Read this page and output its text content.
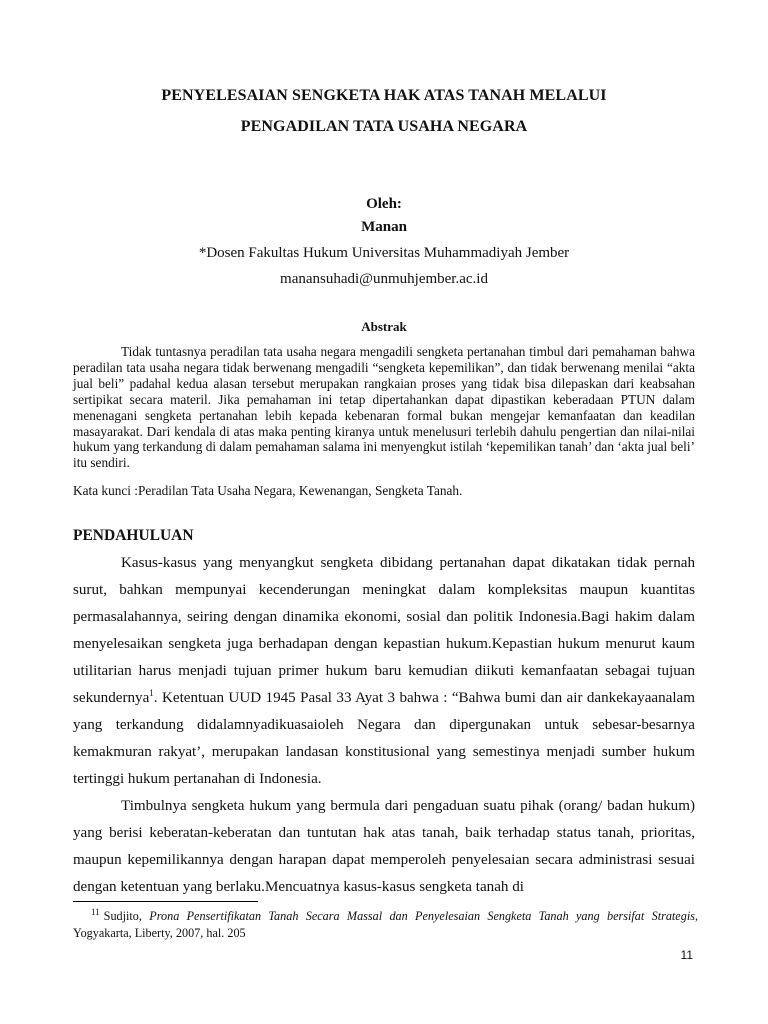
PENYELESAIAN SENGKETA HAK ATAS TANAH MELALUI
PENGADILAN TATA USAHA NEGARA
Oleh:
Manan
*Dosen Fakultas Hukum Universitas Muhammadiyah Jember
manansuhadi@unmuhjember.ac.id
Abstrak

Tidak tuntasnya peradilan tata usaha negara mengadili sengketa pertanahan timbul dari pemahaman bahwa peradilan tata usaha negara tidak berwenang mengadili “sengketa kepemilikan”, dan tidak berwenang menilai “akta jual beli” padahal kedua alasan tersebut merupakan rangkaian proses yang tidak bisa dilepaskan dari keabsahan sertipikat secara materil. Jika pemahaman ini tetap dipertahankan dapat dipastikan keberadaan PTUN dalam menenagani sengketa pertanahan lebih kepada kebenaran formal bukan mengejar kemanfaatan dan keadilan masayarakat. Dari kendala di atas maka penting kiranya untuk menelusuri terlebih dahulu pengertian dan nilai-nilai hukum yang terkandung di dalam pemahaman salama ini menyengkut istilah ‘kepemilikan tanah’ dan ‘akta jual beli’ itu sendiri.

Kata kunci :Peradilan Tata Usaha Negara, Kewenangan, Sengketa Tanah.
PENDAHULUAN

Kasus-kasus yang menyangkut sengketa dibidang pertanahan dapat dikatakan tidak pernah surut, bahkan mempunyai kecenderungan meningkat dalam kompleksitas maupun kuantitas permasalahannya, seiring dengan dinamika ekonomi, sosial dan politik Indonesia.Bagi hakim dalam menyelesaikan sengketa juga berhadapan dengan kepastian hukum.Kepastian hukum menurut kaum utilitarian harus menjadi tujuan primer hukum baru kemudian diikuti kemanfaatan sebagai tujuan sekundernya$^1$. Ketentuan UUD 1945 Pasal 33 Ayat 3 bahwa : “Bahwa bumi dan air dankekayaanalam yang terkandung didalamnyadikuasaioleh Negara dan dipergunakan untuk sebesar-besarnya kemakmuran rakyat’, merupakan landasan konstitusional yang semestinya menjadi sumber hukum tertinggi hukum pertanahan di Indonesia.

Timbulnya sengketa hukum yang bermula dari pengaduan suatu pihak (orang/ badan hukum) yang berisi keberatan-keberatan dan tuntutan hak atas tanah, baik terhadap status tanah, prioritas, maupun kepemilikannya dengan harapan dapat memperoleh penyelesaian secara administrasi sesuai dengan ketentuan yang berlaku.Mencuatnya kasus-kasus sengketa tanah di

$^{11}$ Sudjito, Prona Pensertifikatan Tanah Secara Massal dan Penyelesaian Sengketa Tanah yang bersifat Strategis, Yogyakarta, Liberty, 2007, hal. 205
11
